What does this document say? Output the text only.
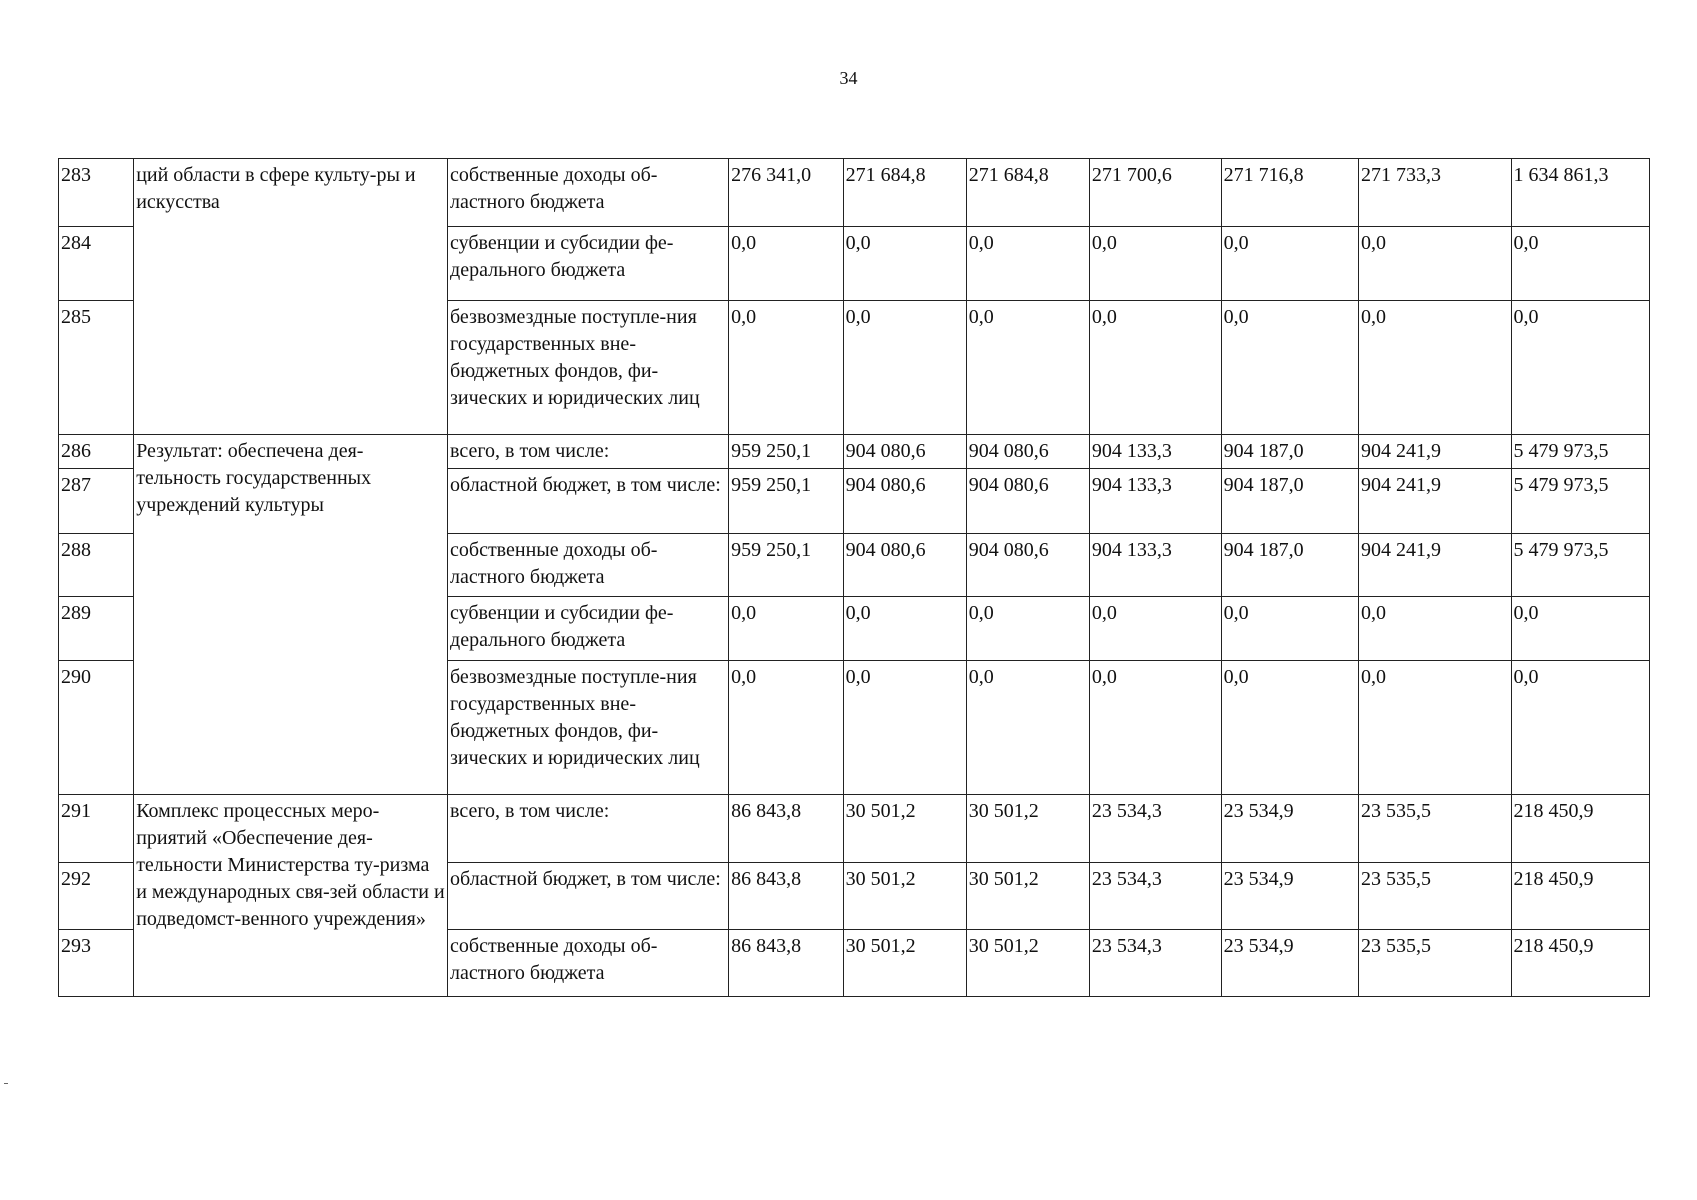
34
283	ций области в сфере культу-ры и искусства	собственные доходы об-ластного бюджета	276 341,0	271 684,8	271 684,8	271 700,6	271 716,8	271 733,3	1 634 861,3
284		субвенции и субсидии фе-дерального бюджета	0,0	0,0	0,0	0,0	0,0	0,0	0,0
285		безвозмездные поступле-ния государственных вне-бюджетных фондов, фи-зических и юридических лиц	0,0	0,0	0,0	0,0	0,0	0,0	0,0
286	Результат: обеспечена дея-тельность государственных учреждений культуры	всего, в том числе:	959 250,1	904 080,6	904 080,6	904 133,3	904 187,0	904 241,9	5 479 973,5
287		областной бюджет, в том числе:	959 250,1	904 080,6	904 080,6	904 133,3	904 187,0	904 241,9	5 479 973,5
288		собственные доходы об-ластного бюджета	959 250,1	904 080,6	904 080,6	904 133,3	904 187,0	904 241,9	5 479 973,5
289		субвенции и субсидии фе-дерального бюджета	0,0	0,0	0,0	0,0	0,0	0,0	0,0
290		безвозмездные поступле-ния государственных вне-бюджетных фондов, фи-зических и юридических лиц	0,0	0,0	0,0	0,0	0,0	0,0	0,0
291	Комплекс процессных меро-приятий «Обеспечение дея-тельности Министерства ту-ризма и международных свя-зей области и подведомст-венного учреждения»	всего, в том числе:	86 843,8	30 501,2	30 501,2	23 534,3	23 534,9	23 535,5	218 450,9
292		областной бюджет, в том числе:	86 843,8	30 501,2	30 501,2	23 534,3	23 534,9	23 535,5	218 450,9
293		собственные доходы об-ластного бюджета	86 843,8	30 501,2	30 501,2	23 534,3	23 534,9	23 535,5	218 450,9
